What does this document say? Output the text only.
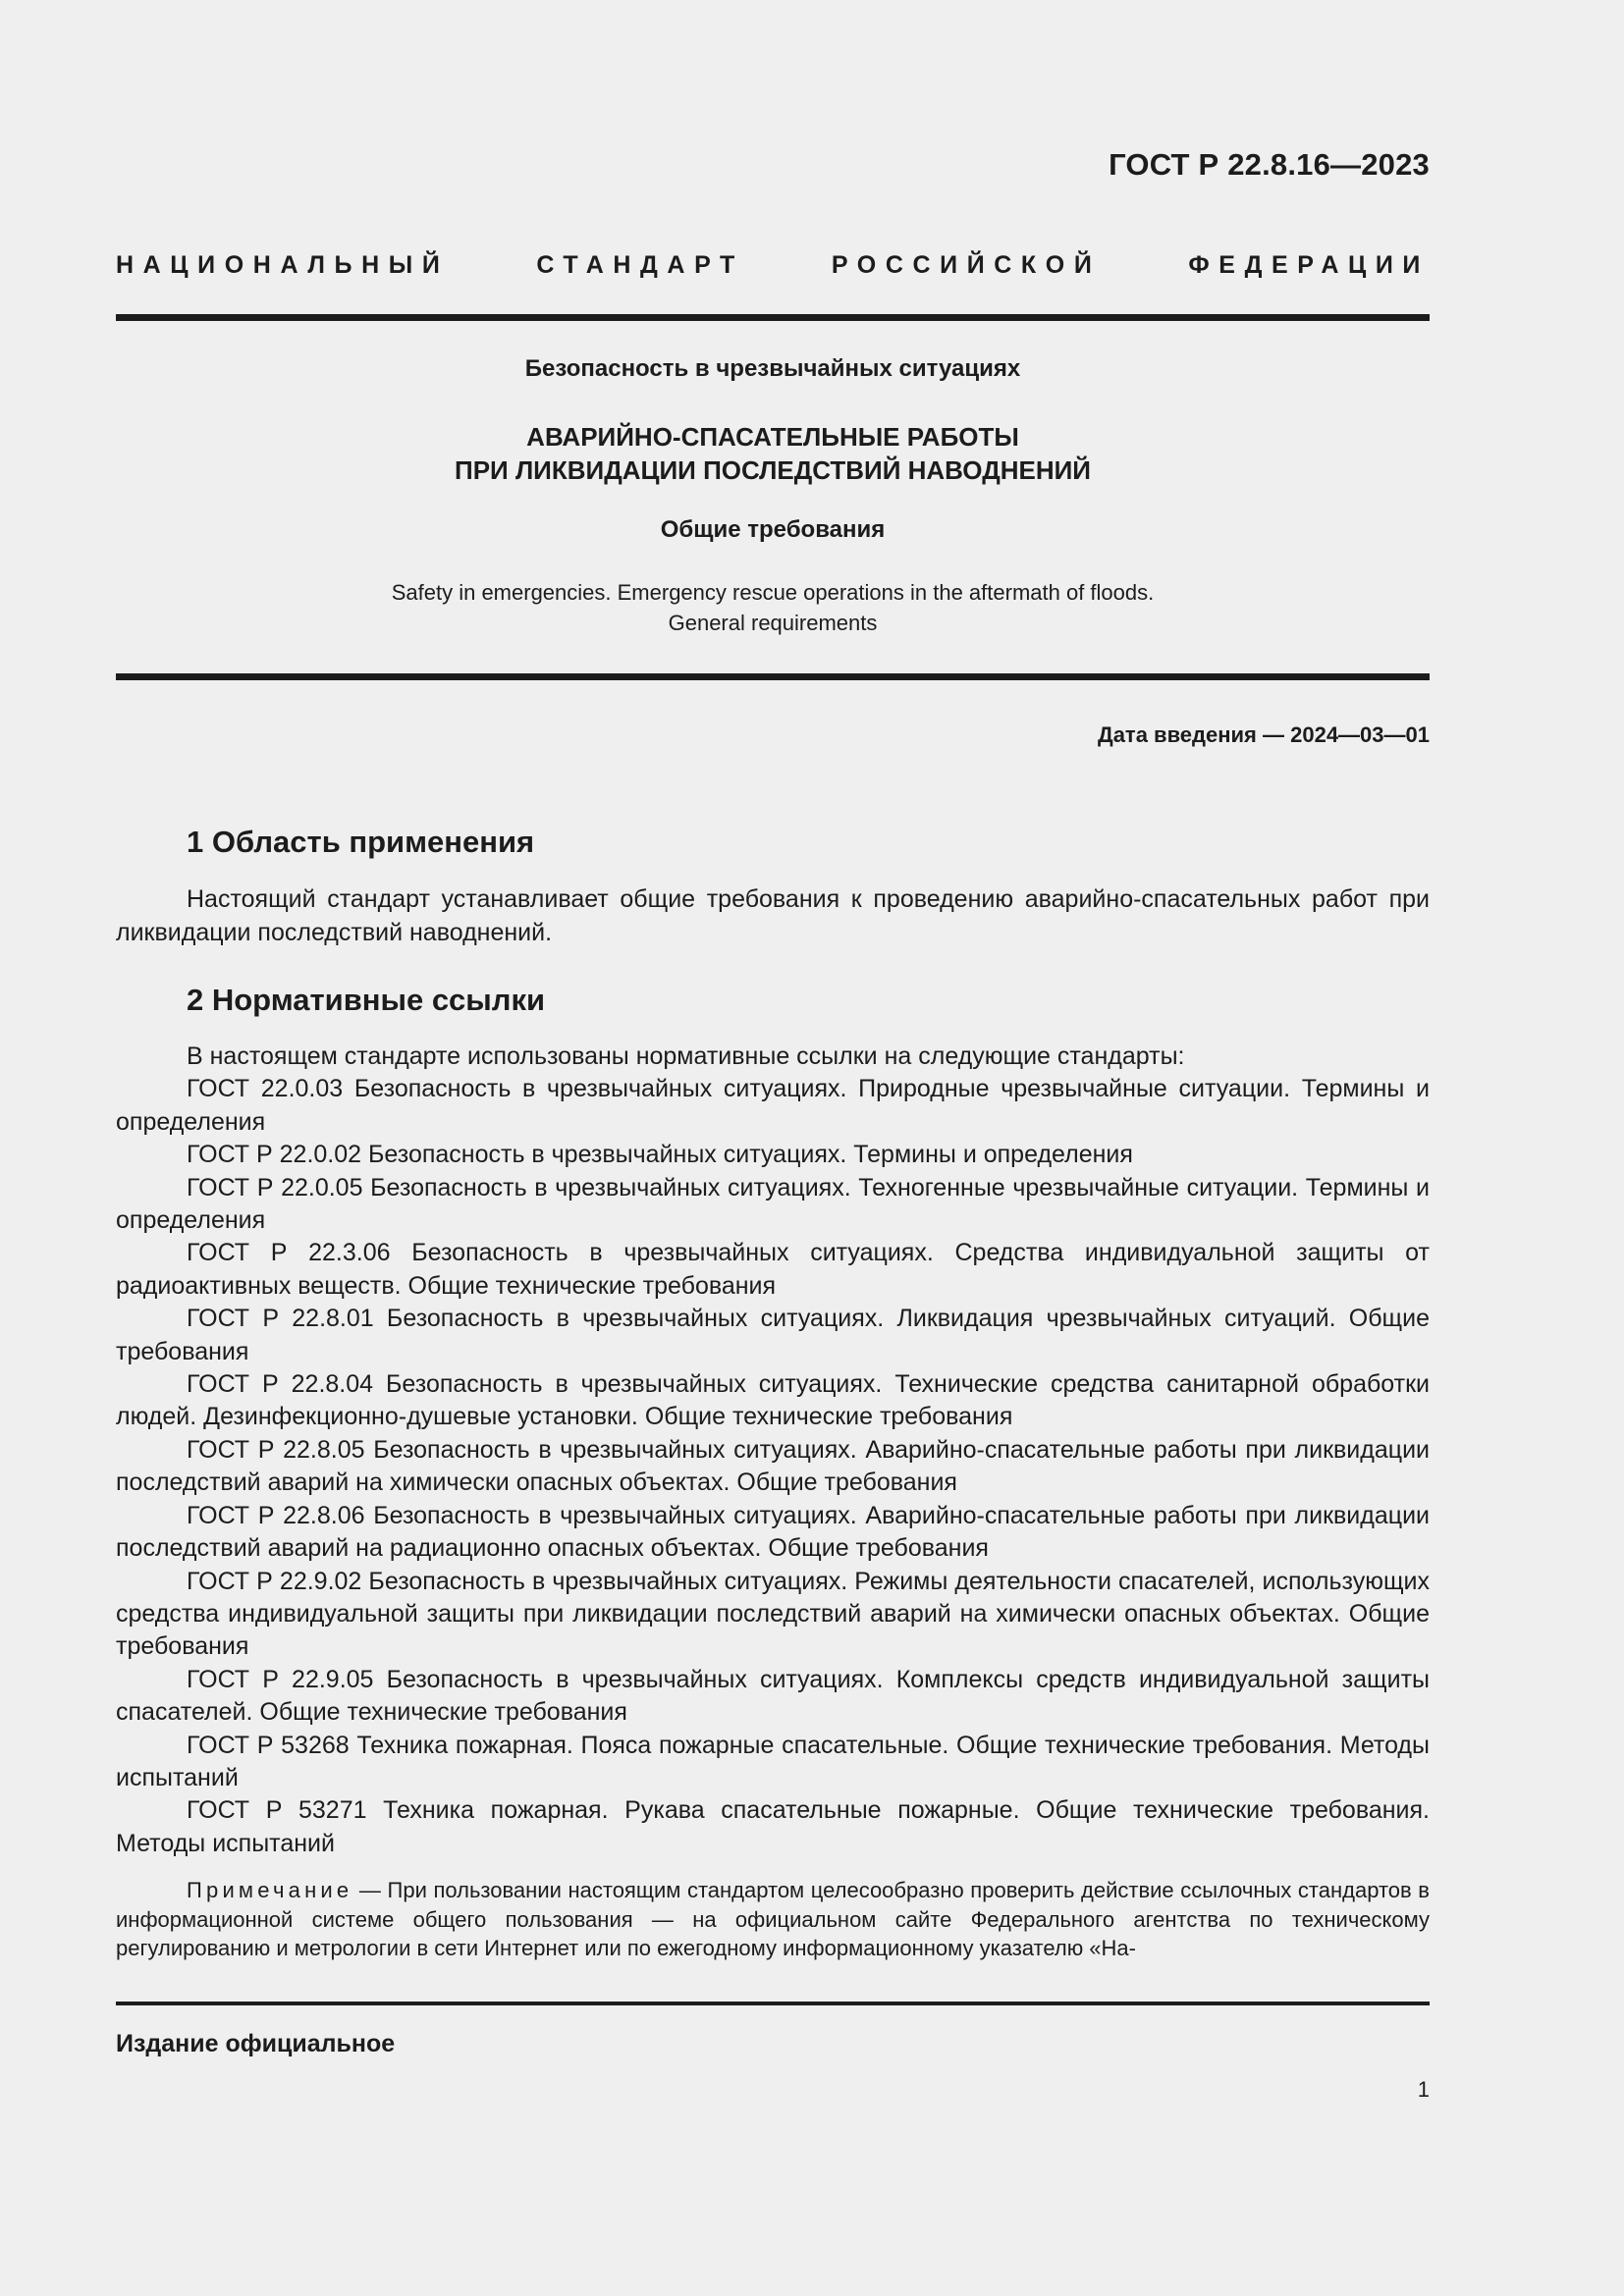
ГОСТ Р 22.8.16—2023
НАЦИОНАЛЬНЫЙ СТАНДАРТ РОССИЙСКОЙ ФЕДЕРАЦИИ
Безопасность в чрезвычайных ситуациях
АВАРИЙНО-СПАСАТЕЛЬНЫЕ РАБОТЫ
ПРИ ЛИКВИДАЦИИ ПОСЛЕДСТВИЙ НАВОДНЕНИЙ
Общие требования
Safety in emergencies. Emergency rescue operations in the aftermath of floods.
General requirements
Дата введения — 2024—03—01
1 Область применения

Настоящий стандарт устанавливает общие требования к проведению аварийно-спасательных работ при ликвидации последствий наводнений.

2 Нормативные ссылки
В настоящем стандарте использованы нормативные ссылки на следующие стандарты:
ГОСТ 22.0.03 Безопасность в чрезвычайных ситуациях. Природные чрезвычайные ситуации. Термины и определения
ГОСТ Р 22.0.02 Безопасность в чрезвычайных ситуациях. Термины и определения
ГОСТ Р 22.0.05 Безопасность в чрезвычайных ситуациях. Техногенные чрезвычайные ситуации. Термины и определения
ГОСТ Р 22.3.06 Безопасность в чрезвычайных ситуациях. Средства индивидуальной защиты от радиоактивных веществ. Общие технические требования
ГОСТ Р 22.8.01 Безопасность в чрезвычайных ситуациях. Ликвидация чрезвычайных ситуаций. Общие требования
ГОСТ Р 22.8.04 Безопасность в чрезвычайных ситуациях. Технические средства санитарной обработки людей. Дезинфекционно-душевые установки. Общие технические требования
ГОСТ Р 22.8.05 Безопасность в чрезвычайных ситуациях. Аварийно-спасательные работы при ликвидации последствий аварий на химически опасных объектах. Общие требования
ГОСТ Р 22.8.06 Безопасность в чрезвычайных ситуациях. Аварийно-спасательные работы при ликвидации последствий аварий на радиационно опасных объектах. Общие требования
ГОСТ Р 22.9.02 Безопасность в чрезвычайных ситуациях. Режимы деятельности спасателей, использующих средства индивидуальной защиты при ликвидации последствий аварий на химически опасных объектах. Общие требования
ГОСТ Р 22.9.05 Безопасность в чрезвычайных ситуациях. Комплексы средств индивидуальной защиты спасателей. Общие технические требования
ГОСТ Р 53268 Техника пожарная. Пояса пожарные спасательные. Общие технические требования. Методы испытаний
ГОСТ Р 53271 Техника пожарная. Рукава спасательные пожарные. Общие технические требования. Методы испытаний

Примечание — При пользовании настоящим стандартом целесообразно проверить действие ссылочных стандартов в информационной системе общего пользования — на официальном сайте Федерального агентства по техническому регулированию и метрологии в сети Интернет или по ежегодному информационному указателю «На-

Издание официальное
1
